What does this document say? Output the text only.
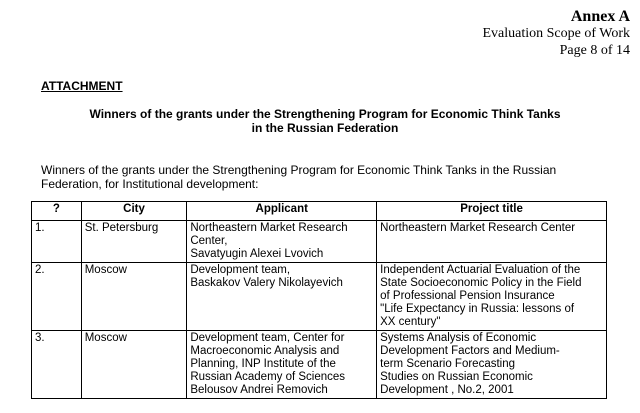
Annex A
Evaluation Scope of Work
Page 8 of 14
ATTACHMENT
Winners of the grants under the Strengthening Program for Economic Think Tanks
in the Russian Federation
Winners of the grants under the Strengthening Program for Economic Think Tanks in the Russian
Federation, for Institutional development:
?	City	Applicant	Project title
1.	St. Petersburg	Northeastern Market Research
Center,
Savatyugin Alexei Lvovich	Northeastern Market Research Center

2.	Moscow	Development team,
Baskakov Valery Nikolayevich	Independent Actuarial Evaluation of the
State Socioeconomic Policy in the Field
of Professional Pension Insurance
"Life Expectancy in Russia: lessons of
XX century"

3.	Moscow	Development team, Center for
Macroeconomic Analysis and
Planning, INP Institute of the
Russian Academy of Sciences
Belousov Andrei Removich	Systems Analysis of Economic
Development Factors and Medium-
term Scenario Forecasting
Studies on Russian Economic
Development , No.2, 2001
